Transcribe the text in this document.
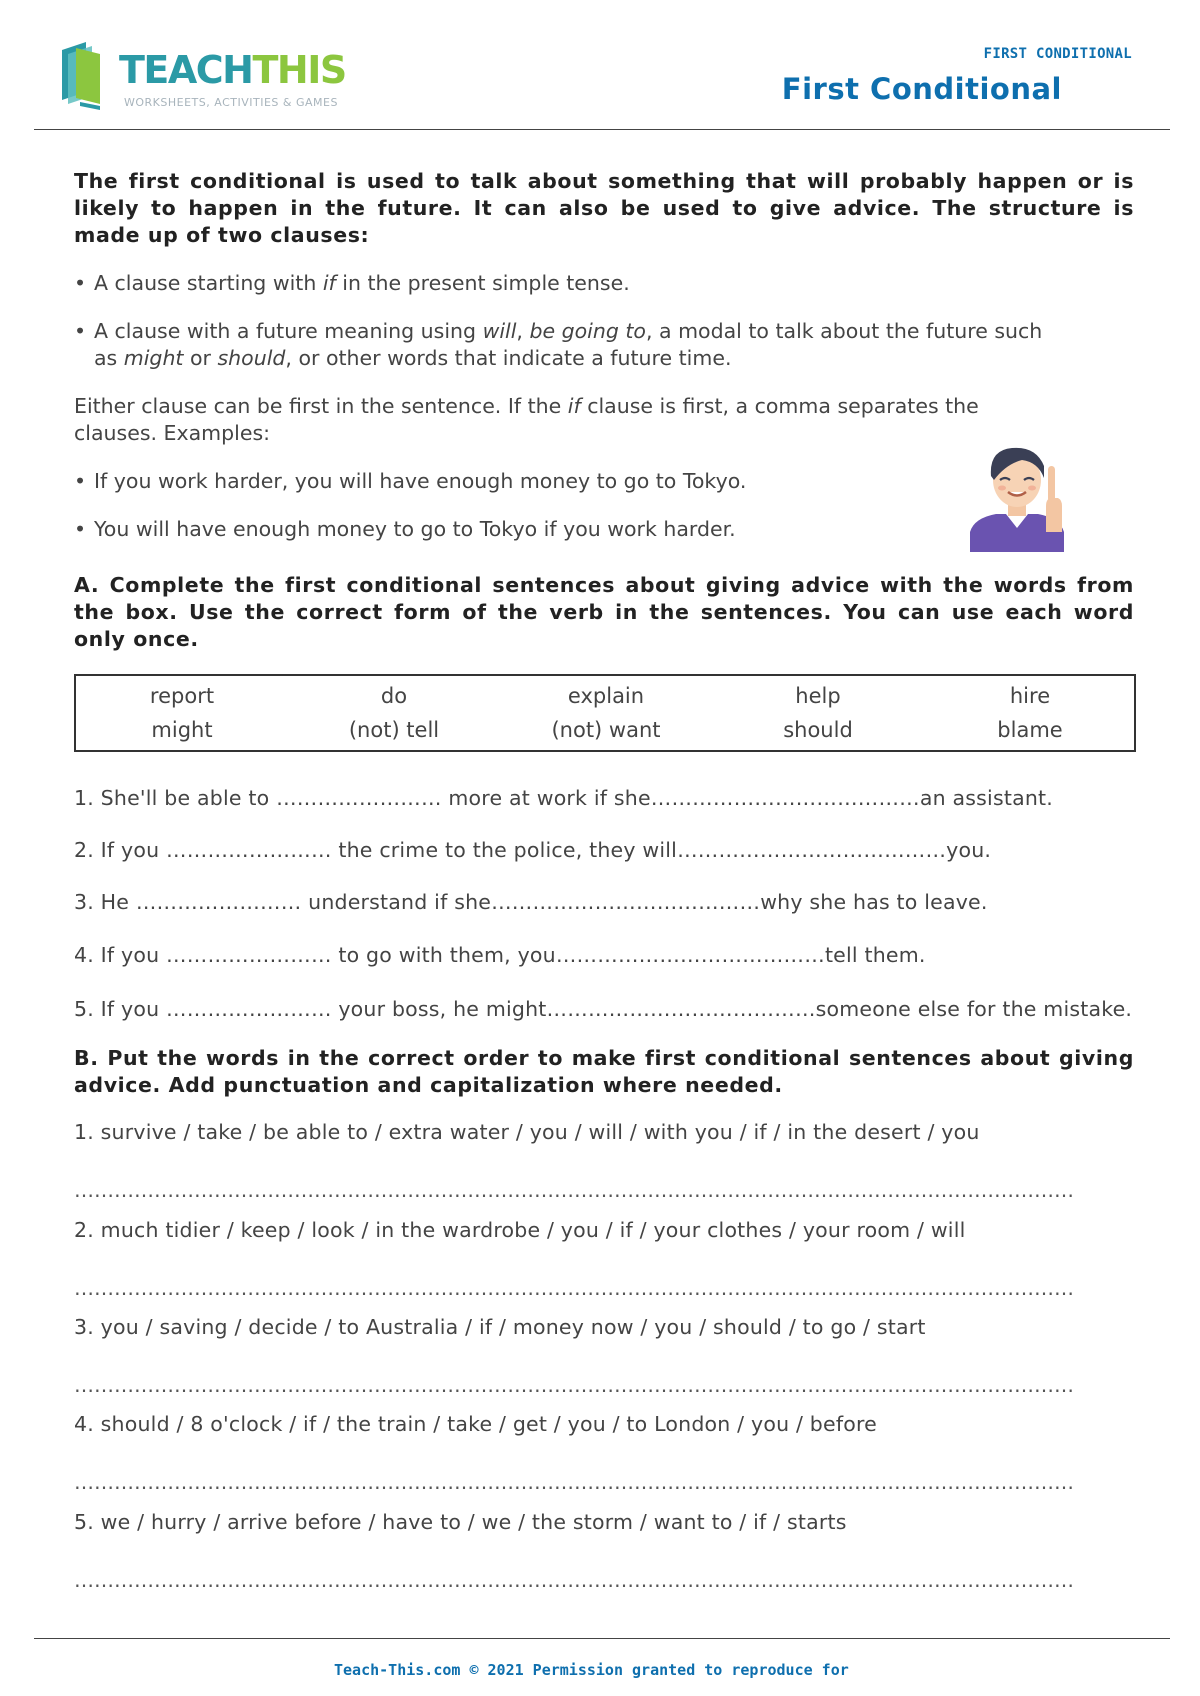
TEACHTHIS
WORKSHEETS, ACTIVITIES & GAMES
FIRST CONDITIONAL
First Conditional
The first conditional is used to talk about something that will probably happen or is likely to happen in the future. It can also be used to give advice. The structure is made up of two clauses:
• A clause starting with if in the present simple tense.
• A clause with a future meaning using will, be going to, a modal to talk about the future such
as might or should, or other words that indicate a future time.
Either clause can be first in the sentence. If the if clause is first, a comma separates the
clauses. Examples:
• If you work harder, you will have enough money to go to Tokyo.
• You will have enough money to go to Tokyo if you work harder.
A. Complete the first conditional sentences about giving advice with the words from the box. Use the correct form of the verb in the sentences. You can use each word only once.
report	do	explain	help	hire
might	(not) tell	(not) want	should	blame
1. She'll be able to …………………… more at work if she…………………………………an assistant.
2. If you …………………… the crime to the police, they will…………………………………you.
3. He …………………… understand if she…………………………………why she has to leave.
4. If you …………………… to go with them, you…………………………………tell them.
5. If you …………………… your boss, he might…………………………………someone else for the mistake.
B. Put the words in the correct order to make first conditional sentences about giving advice. Add punctuation and capitalization where needed.
1. survive / take / be able to / extra water / you / will / with you / if / in the desert / you
……………………………………………………………………………………………………………………………………
2. much tidier / keep / look / in the wardrobe / you / if / your clothes / your room / will
……………………………………………………………………………………………………………………………………
3. you / saving / decide / to Australia / if / money now / you / should / to go / start
……………………………………………………………………………………………………………………………………
4. should / 8 o'clock / if / the train / take / get / you / to London / you / before
……………………………………………………………………………………………………………………………………
5. we / hurry / arrive before / have to / we / the storm / want to / if / starts
……………………………………………………………………………………………………………………………………
Teach-This.com © 2021 Permission granted to reproduce for
